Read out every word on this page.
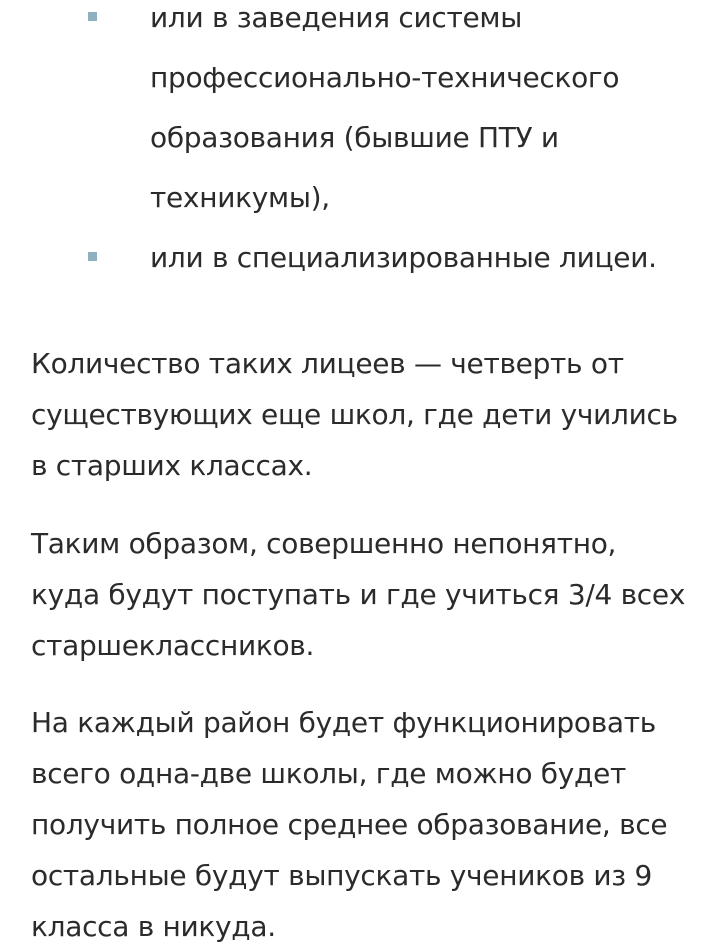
или в заведения системы
профессионально-технического
образования (бывшие ПТУ и
техникумы),
или в специализированные лицеи.

Количество таких лицеев — четверть от
существующих еще школ, где дети учились
в старших классах.

Таким образом, совершенно непонятно,
куда будут поступать и где учиться 3/4 всех
старшеклассников.

На каждый район будет функционировать
всего одна-две школы, где можно будет
получить полное среднее образование, все
остальные будут выпускать учеников из 9
класса в никуда.
